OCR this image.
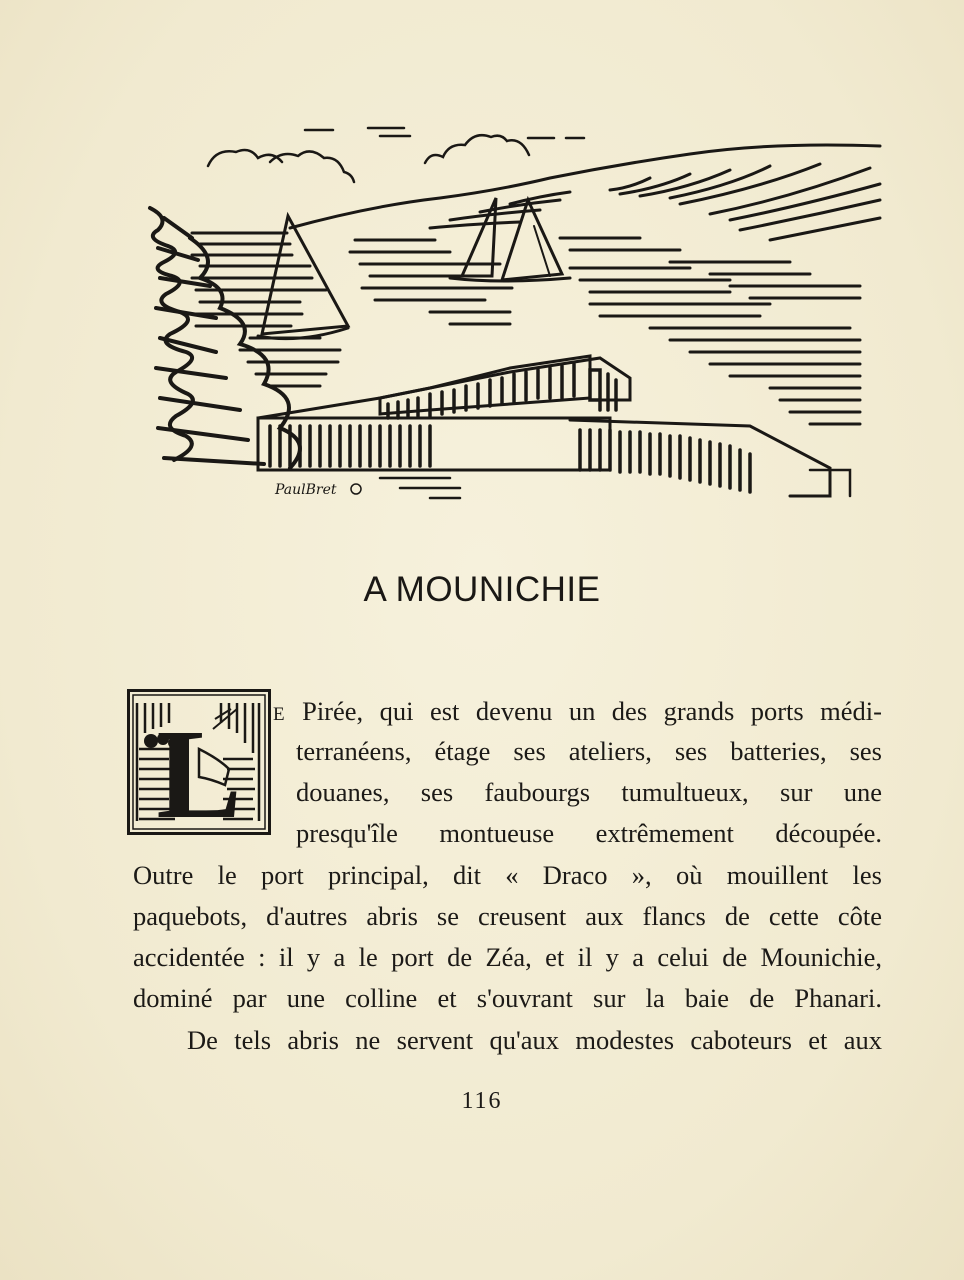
PaulBret
A MOUNICHIE
L E Pirée, qui est devenu un des grands ports médi-
terranéens, étage ses ateliers, ses batteries, ses
douanes, ses faubourgs tumultueux, sur une
presqu'île montueuse extrêmement découpée.
Outre le port principal, dit « Draco », où mouillent les
paquebots, d'autres abris se creusent aux flancs de cette côte
accidentée : il y a le port de Zéa, et il y a celui de Mounichie,
dominé par une colline et s'ouvrant sur la baie de Phanari.
De tels abris ne servent qu'aux modestes caboteurs et aux
116
